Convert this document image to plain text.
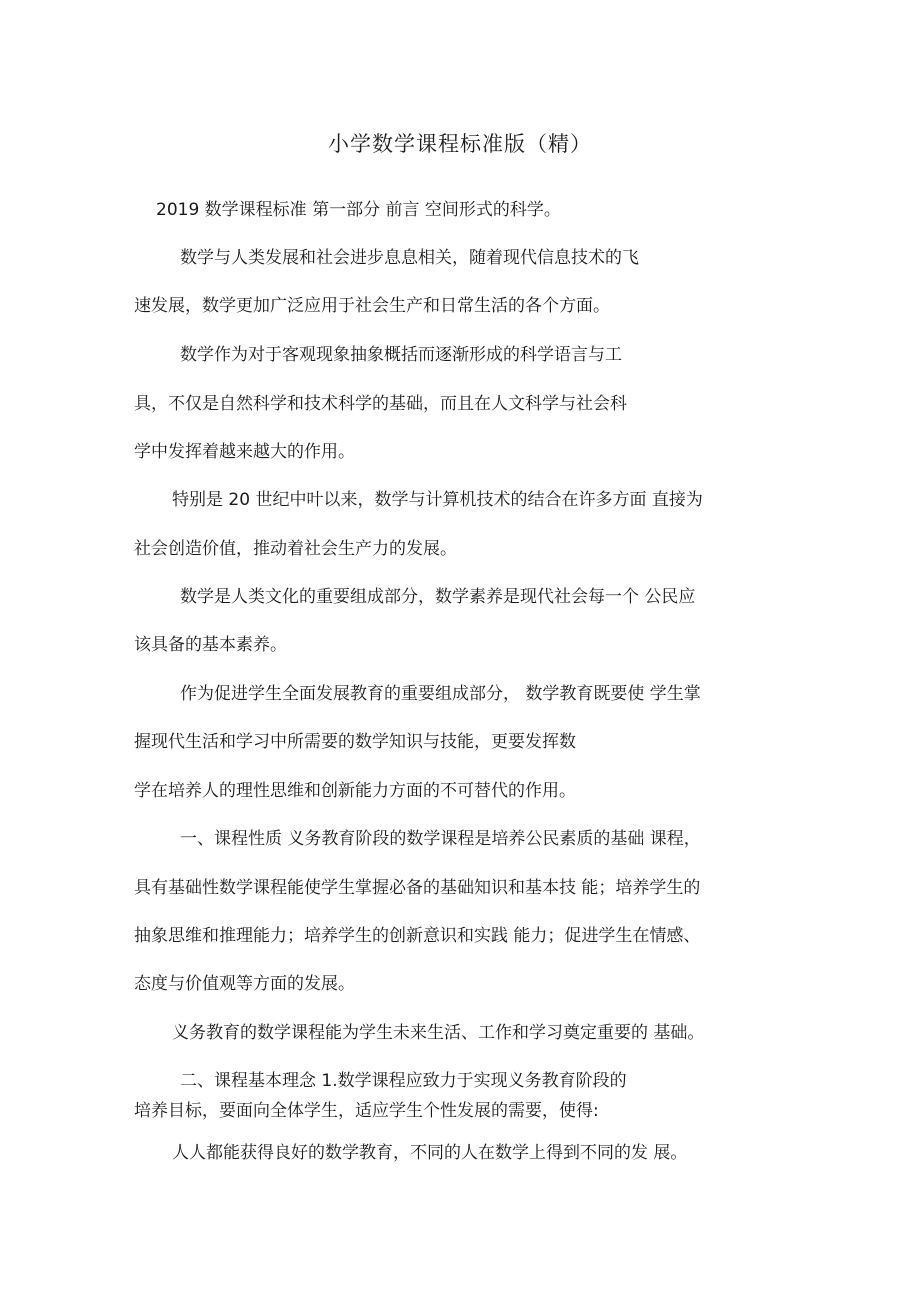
小学数学课程标准版（精）
2019 数学课程标准 第一部分 前言 空间形式的科学。
数学与人类发展和社会进步息息相关，随着现代信息技术的飞
速发展，数学更加广泛应用于社会生产和日常生活的各个方面。
数学作为对于客观现象抽象概括而逐渐形成的科学语言与工
具，不仅是自然科学和技术科学的基础，而且在人文科学与社会科
学中发挥着越来越大的作用。
特别是 20 世纪中叶以来，数学与计算机技术的结合在许多方面 直接为
社会创造价值，推动着社会生产力的发展。
数学是人类文化的重要组成部分，数学素养是现代社会每一个 公民应
该具备的基本素养。
作为促进学生全面发展教育的重要组成部分， 数学教育既要使 学生掌
握现代生活和学习中所需要的数学知识与技能，更要发挥数
学在培养人的理性思维和创新能力方面的不可替代的作用。
一、课程性质 义务教育阶段的数学课程是培养公民素质的基础 课程，
具有基础性数学课程能使学生掌握必备的基础知识和基本技 能；培养学生的
抽象思维和推理能力；培养学生的创新意识和实践 能力；促进学生在情感、
态度与价值观等方面的发展。
义务教育的数学课程能为学生未来生活、工作和学习奠定重要的 基础。
二、课程基本理念 1.数学课程应致力于实现义务教育阶段的
培养目标，要面向全体学生，适应学生个性发展的需要，使得:
人人都能获得良好的数学教育，不同的人在数学上得到不同的发 展。
